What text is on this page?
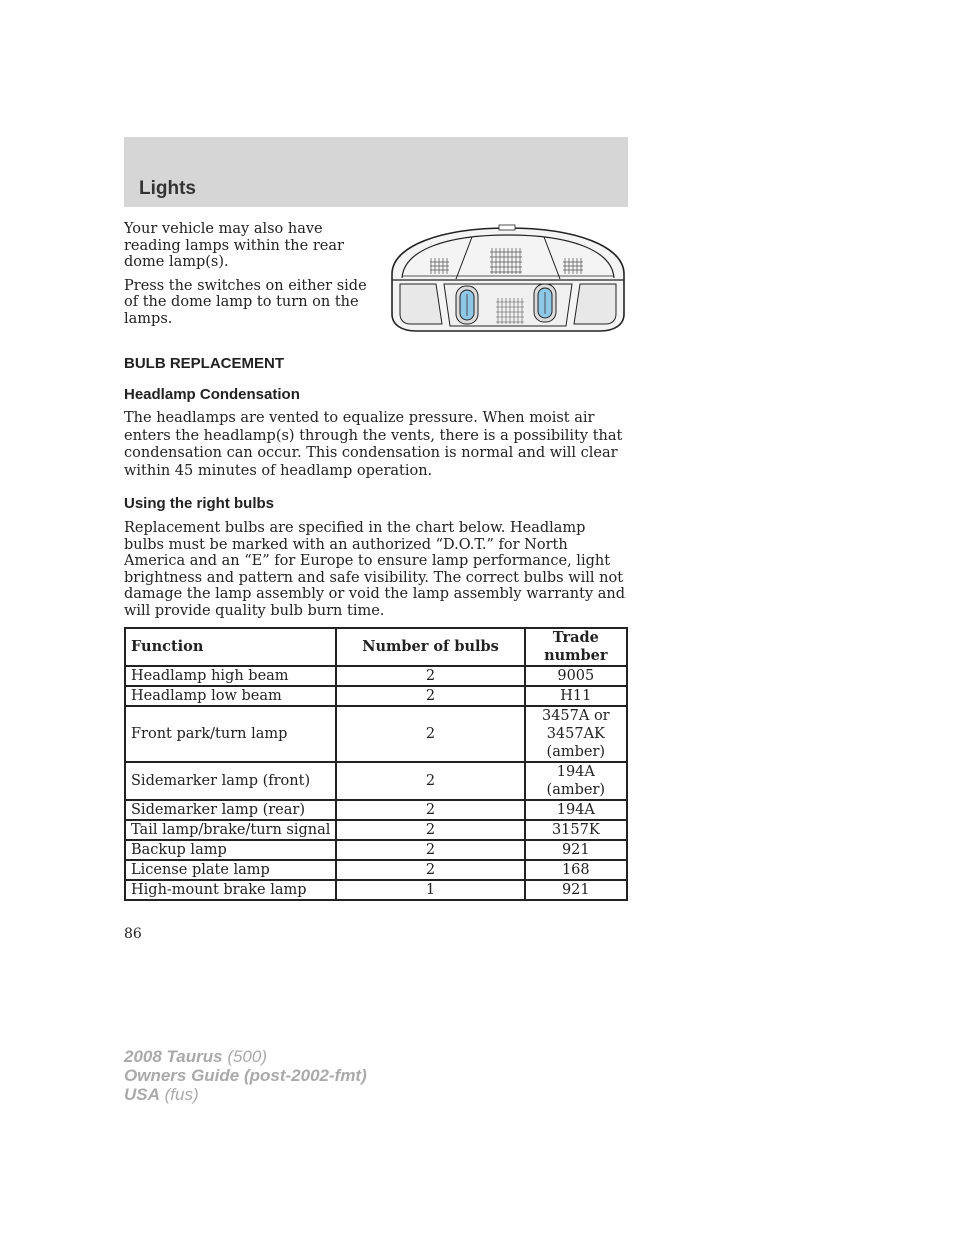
Lights

Your vehicle may also have reading lamps within the rear dome lamp(s).

Press the switches on either side of the dome lamp to turn on the lamps.

BULB REPLACEMENT
Headlamp Condensation

The headlamps are vented to equalize pressure. When moist air enters the headlamp(s) through the vents, there is a possibility that condensation can occur. This condensation is normal and will clear within 45 minutes of headlamp operation.

Using the right bulbs

Replacement bulbs are specified in the chart below. Headlamp bulbs must be marked with an authorized “D.O.T.” for North America and an “E” for Europe to ensure lamp performance, light brightness and pattern and safe visibility. The correct bulbs will not damage the lamp assembly or void the lamp assembly warranty and will provide quality bulb burn time.

Function	Number of bulbs	Trade number
Headlamp high beam	2	9005
Headlamp low beam	2	H11
Front park/turn lamp	2	3457A or 3457AK (amber)
Sidemarker lamp (front)	2	194A (amber)
Sidemarker lamp (rear)	2	194A
Tail lamp/brake/turn signal	2	3157K
Backup lamp	2	921
License plate lamp	2	168
High-mount brake lamp	1	921
86
2008 Taurus (500)
Owners Guide (post-2002-fmt)
USA (fus)
